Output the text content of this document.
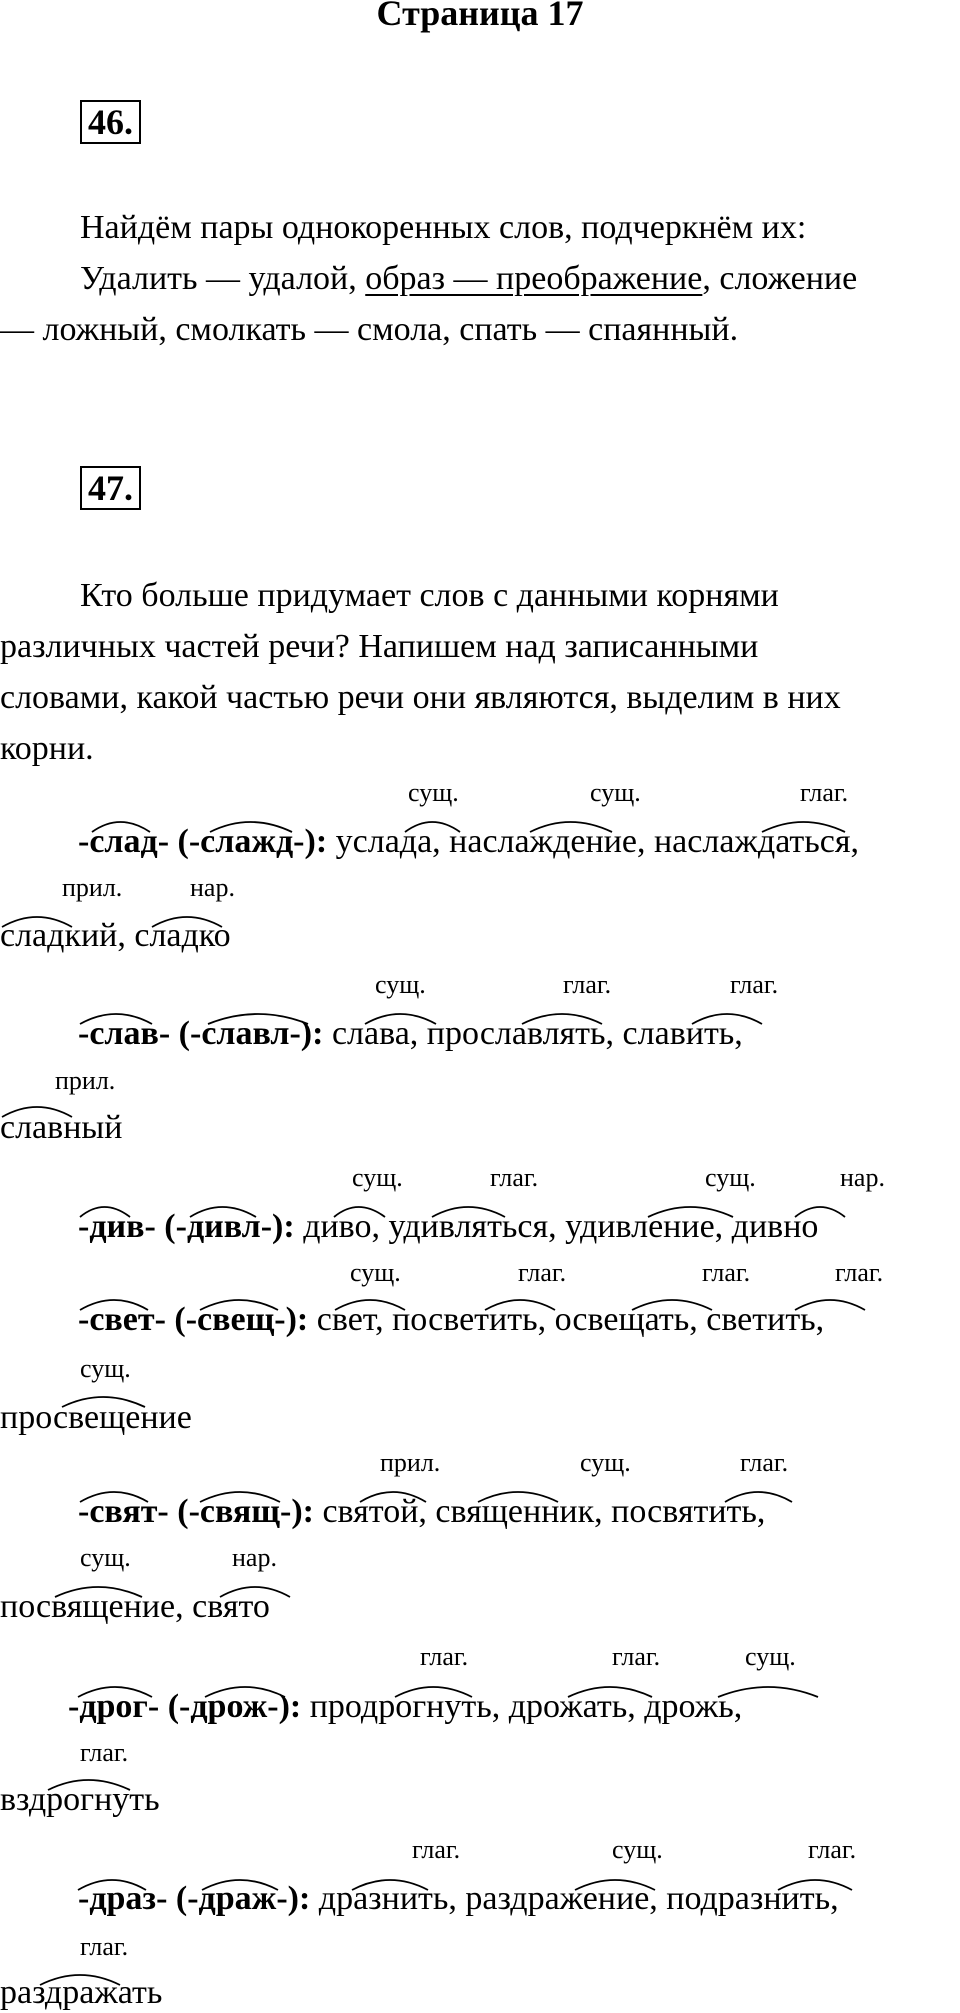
Страница 17
46.
Найдём пары однокоренных слов, подчеркнём их:
Удалить — удалой, образ — преображение, сложение
— ложный, смолкать — смола, спать — спаянный.
47.
Кто больше придумает слов с данными корнями
различных частей речи? Напишем над записанными
словами, какой частью речи они являются, выделим в них
корни.
сущ.	сущ.	глаг.
-слад- (-слажд-): услада, наслаждение, наслаждаться,
прил.	нар.
сладкий, сладко
сущ.	глаг.	глаг.
-слав- (-славл-): слава, прославлять, славить,
прил.
славный
сущ.	глаг.	сущ.	нар.
-див- (-дивл-): диво, удивляться, удивление, дивно
сущ.	глаг.	глаг.	глаг.
-свет- (-свещ-): свет, посветить, освещать, светить,
сущ.
просвещение
прил.	сущ.	глаг.
-свят- (-свящ-): святой, священник, посвятить,
сущ.	нар.
посвящение, свято
глаг.	глаг.	сущ.
-дрог- (-дрож-): продрогнуть, дрожать, дрожь,
глаг.
вздрогнуть
глаг.	сущ.	глаг.
-драз- (-драж-): дразнить, раздражение, подразнить,
глаг.
раздражать
